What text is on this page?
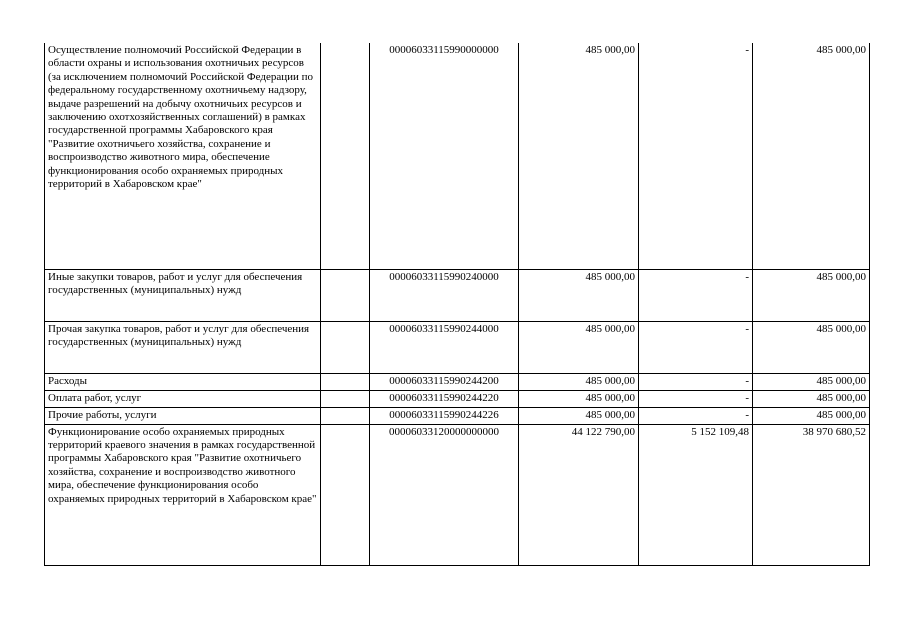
Осуществление полномочий Российской Федерации в области охраны и использования охотничьих ресурсов (за исключением полномочий Российской Федерации по федеральному государственному охотничьему надзору, выдаче разрешений на добычу охотничьих ресурсов и заключению охотхозяйственных соглашений) в рамках государственной программы Хабаровского края "Развитие охотничьего хозяйства, сохранение и воспроизводство животного мира, обеспечение функционирования особо охраняемых природных территорий в Хабаровском крае"		00006033115990000000	485 000,00	-	485 000,00
Иные закупки товаров, работ и услуг для обеспечения государственных (муниципальных) нужд		00006033115990240000	485 000,00	-	485 000,00
Прочая закупка товаров, работ и услуг для обеспечения государственных (муниципальных) нужд		00006033115990244000	485 000,00	-	485 000,00
Расходы		00006033115990244200	485 000,00	-	485 000,00
Оплата работ, услуг		00006033115990244220	485 000,00	-	485 000,00
Прочие работы, услуги		00006033115990244226	485 000,00	-	485 000,00
Функционирование особо охраняемых природных территорий краевого значения в рамках государственной программы Хабаровского края "Развитие охотничьего хозяйства, сохранение и воспроизводство животного мира, обеспечение функционирования особо охраняемых природных территорий в Хабаровском крае"		00006033120000000000	44 122 790,00	5 152 109,48	38 970 680,52
